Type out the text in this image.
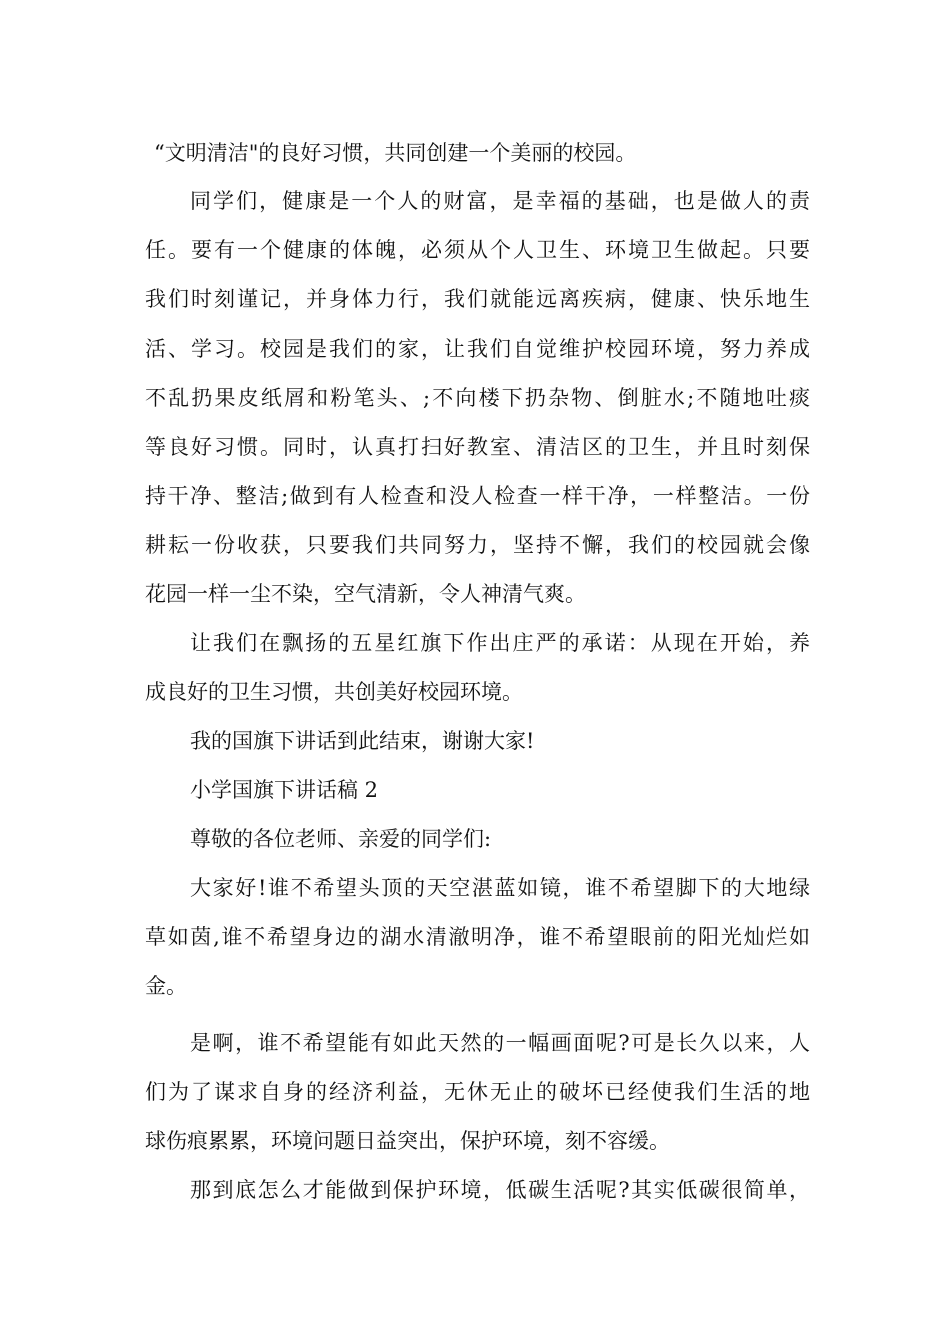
“文明清洁"的良好习惯，共同创建一个美丽的校园。
同学们，健康是一个人的财富，是幸福的基础，也是做人的责
任。要有一个健康的体魄，必须从个人卫生、环境卫生做起。只要
我们时刻谨记，并身体力行，我们就能远离疾病，健康、快乐地生
活、学习。校园是我们的家，让我们自觉维护校园环境，努力养成
不乱扔果皮纸屑和粉笔头、;不向楼下扔杂物、倒脏水;不随地吐痰
等良好习惯。同时，认真打扫好教室、清洁区的卫生，并且时刻保
持干净、整洁;做到有人检查和没人检查一样干净，一样整洁。一份
耕耘一份收获，只要我们共同努力，坚持不懈，我们的校园就会像
花园一样一尘不染，空气清新，令人神清气爽。
让我们在飘扬的五星红旗下作出庄严的承诺：从现在开始，养
成良好的卫生习惯，共创美好校园环境。
我的国旗下讲话到此结束，谢谢大家!
小学国旗下讲话稿 2
尊敬的各位老师、亲爱的同学们:
大家好!谁不希望头顶的天空湛蓝如镜，谁不希望脚下的大地绿
草如茵,谁不希望身边的湖水清澈明净，谁不希望眼前的阳光灿烂如
金。
是啊，谁不希望能有如此天然的一幅画面呢?可是长久以来，人
们为了谋求自身的经济利益，无休无止的破坏已经使我们生活的地
球伤痕累累，环境问题日益突出，保护环境，刻不容缓。
那到底怎么才能做到保护环境，低碳生活呢?其实低碳很简单，
